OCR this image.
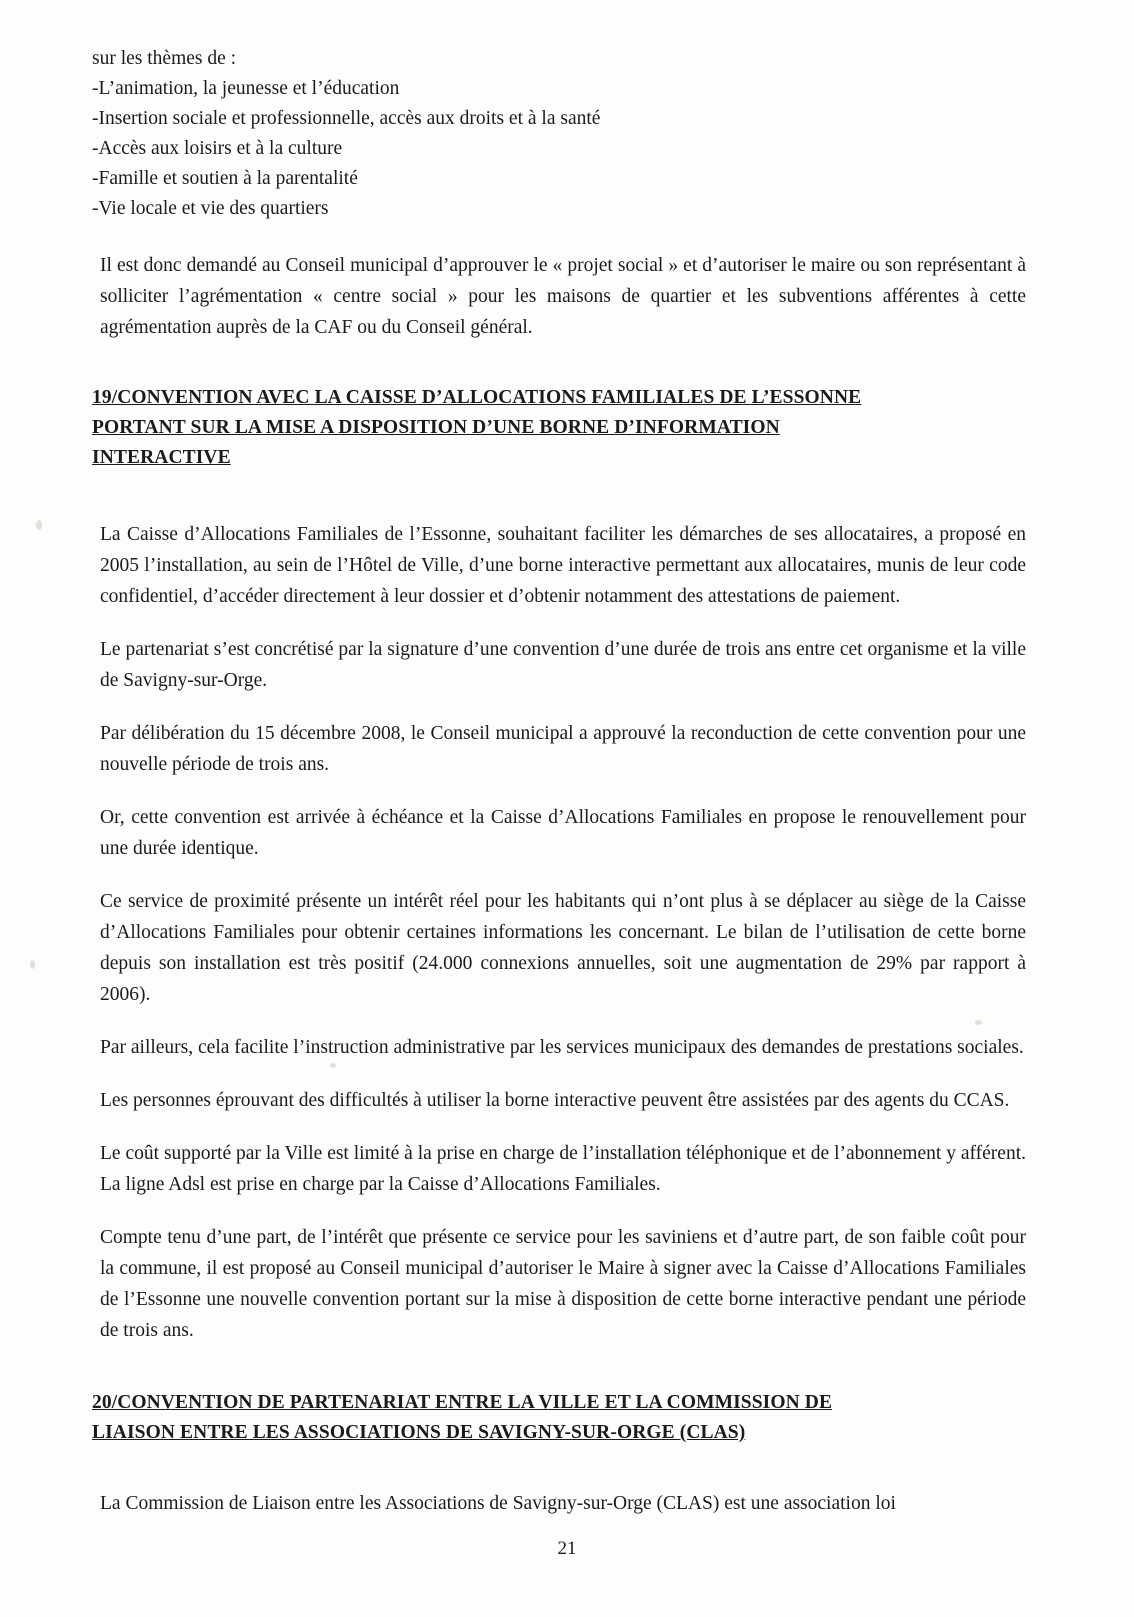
sur les thèmes de :
-L’animation, la jeunesse et l’éducation
-Insertion sociale et professionnelle, accès aux droits et à la santé
-Accès aux loisirs et à la culture
-Famille et soutien à la parentalité
-Vie locale et vie des quartiers

Il est donc demandé au Conseil municipal d’approuver le « projet social » et d’autoriser le maire ou son représentant à solliciter l’agrémentation « centre social » pour les maisons de quartier et les subventions afférentes à cette agrémentation auprès de la CAF ou du Conseil général.

19/CONVENTION AVEC LA CAISSE D’ALLOCATIONS FAMILIALES DE L’ESSONNE
PORTANT SUR LA MISE A DISPOSITION D’UNE BORNE D’INFORMATION
INTERACTIVE

La Caisse d’Allocations Familiales de l’Essonne, souhaitant faciliter les démarches de ses allocataires, a proposé en 2005 l’installation, au sein de l’Hôtel de Ville, d’une borne interactive permettant aux allocataires, munis de leur code confidentiel, d’accéder directement à leur dossier et d’obtenir notamment des attestations de paiement.

Le partenariat s’est concrétisé par la signature d’une convention d’une durée de trois ans entre cet organisme et la ville de Savigny-sur-Orge.

Par délibération du 15 décembre 2008, le Conseil municipal a approuvé la reconduction de cette convention pour une nouvelle période de trois ans.

Or, cette convention est arrivée à échéance et la Caisse d’Allocations Familiales en propose le renouvellement pour une durée identique.

Ce service de proximité présente un intérêt réel pour les habitants qui n’ont plus à se déplacer au siège de la Caisse d’Allocations Familiales pour obtenir certaines informations les concernant. Le bilan de l’utilisation de cette borne depuis son installation est très positif (24.000 connexions annuelles, soit une augmentation de 29% par rapport à 2006).

Par ailleurs, cela facilite l’instruction administrative par les services municipaux des demandes de prestations sociales.

Les personnes éprouvant des difficultés à utiliser la borne interactive peuvent être assistées par des agents du CCAS.

Le coût supporté par la Ville est limité à la prise en charge de l’installation téléphonique et de l’abonnement y afférent. La ligne Adsl est prise en charge par la Caisse d’Allocations Familiales.

Compte tenu d’une part, de l’intérêt que présente ce service pour les saviniens et d’autre part, de son faible coût pour la commune, il est proposé au Conseil municipal d’autoriser le Maire à signer avec la Caisse d’Allocations Familiales de l’Essonne une nouvelle convention portant sur la mise à disposition de cette borne interactive pendant une période de trois ans.

20/CONVENTION DE PARTENARIAT ENTRE LA VILLE ET LA COMMISSION DE
LIAISON ENTRE LES ASSOCIATIONS DE SAVIGNY-SUR-ORGE (CLAS)

La Commission de Liaison entre les Associations de Savigny-sur-Orge (CLAS) est une association loi

21
